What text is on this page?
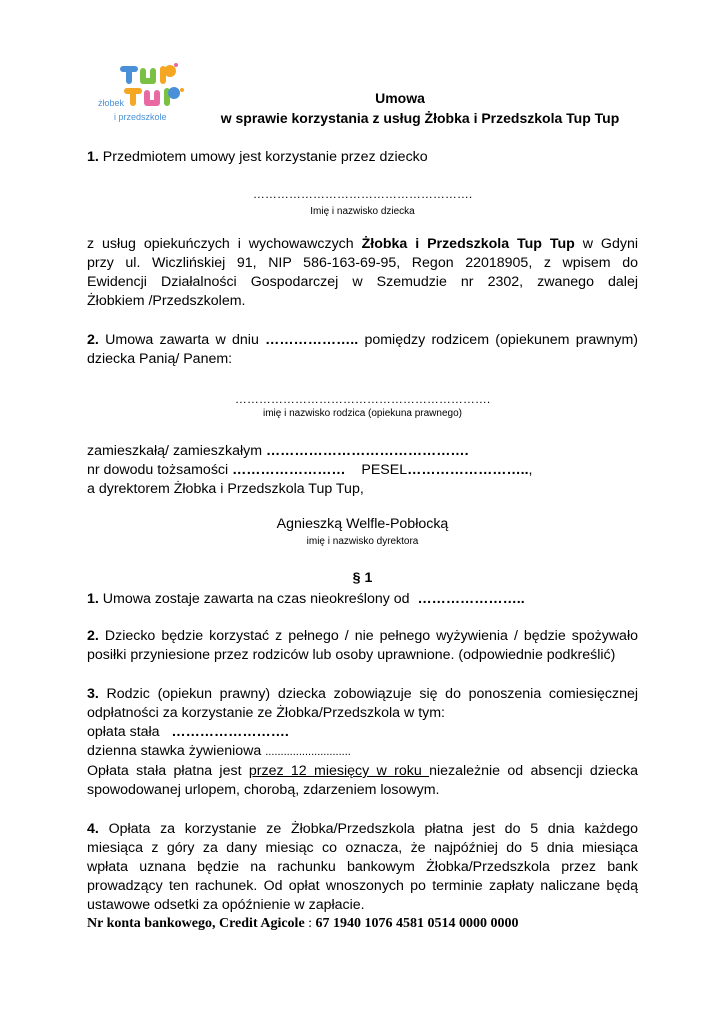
żłobek
i przedszkole
Umowa
w sprawie korzystania z usług Żłobka i Przedszkola Tup Tup
1. Przedmiotem umowy jest korzystanie przez dziecko
……………………………………………….
Imię i nazwisko dziecka
z usług opiekuńczych i wychowawczych Żłobka i Przedszkola Tup Tup w Gdyni
przy ul. Wiczlińskiej 91, NIP 586-163-69-95, Regon 22018905, z wpisem do
Ewidencji Działalności Gospodarczej w Szemudzie nr 2302, zwanego dalej
Żłobkiem /Przedszkolem.
2. Umowa zawarta w dniu ……………….. pomiędzy rodzicem (opiekunem prawnym)
dziecka Panią/ Panem:
……………………………………………………….
imię i nazwisko rodzica (opiekuna prawnego)
zamieszkałą/ zamieszkałym …………………………………….
nr dowodu tożsamości ……………………    PESEL……………………..,
a dyrektorem Żłobka i Przedszkola Tup Tup,
Agnieszką Welfle-Pobłocką
imię i nazwisko dyrektora
§ 1
1. Umowa zostaje zawarta na czas nieokreślony od  …………………..
2. Dziecko będzie korzystać z pełnego / nie pełnego wyżywienia / będzie spożywało
posiłki przyniesione przez rodziców lub osoby uprawnione. (odpowiednie podkreślić)
3. Rodzic (opiekun prawny) dziecka zobowiązuje się do ponoszenia comiesięcznej
odpłatności za korzystanie ze Żłobka/Przedszkola w tym:
opłata stała   …………………….
dzienna stawka żywieniowa ............................
Opłata stała płatna jest przez 12 miesięcy w roku niezależnie od absencji dziecka
spowodowanej urlopem, chorobą, zdarzeniem losowym.
4. Opłata za korzystanie ze Żłobka/Przedszkola płatna jest do 5 dnia każdego
miesiąca z góry za dany miesiąc co oznacza, że najpóźniej do 5 dnia miesiąca
wpłata uznana będzie na rachunku bankowym Żłobka/Przedszkola przez bank
prowadzący ten rachunek. Od opłat wnoszonych po terminie zapłaty naliczane będą
ustawowe odsetki za opóźnienie w zapłacie.
Nr konta bankowego, Credit Agicole : 67 1940 1076 4581 0514 0000 0000
